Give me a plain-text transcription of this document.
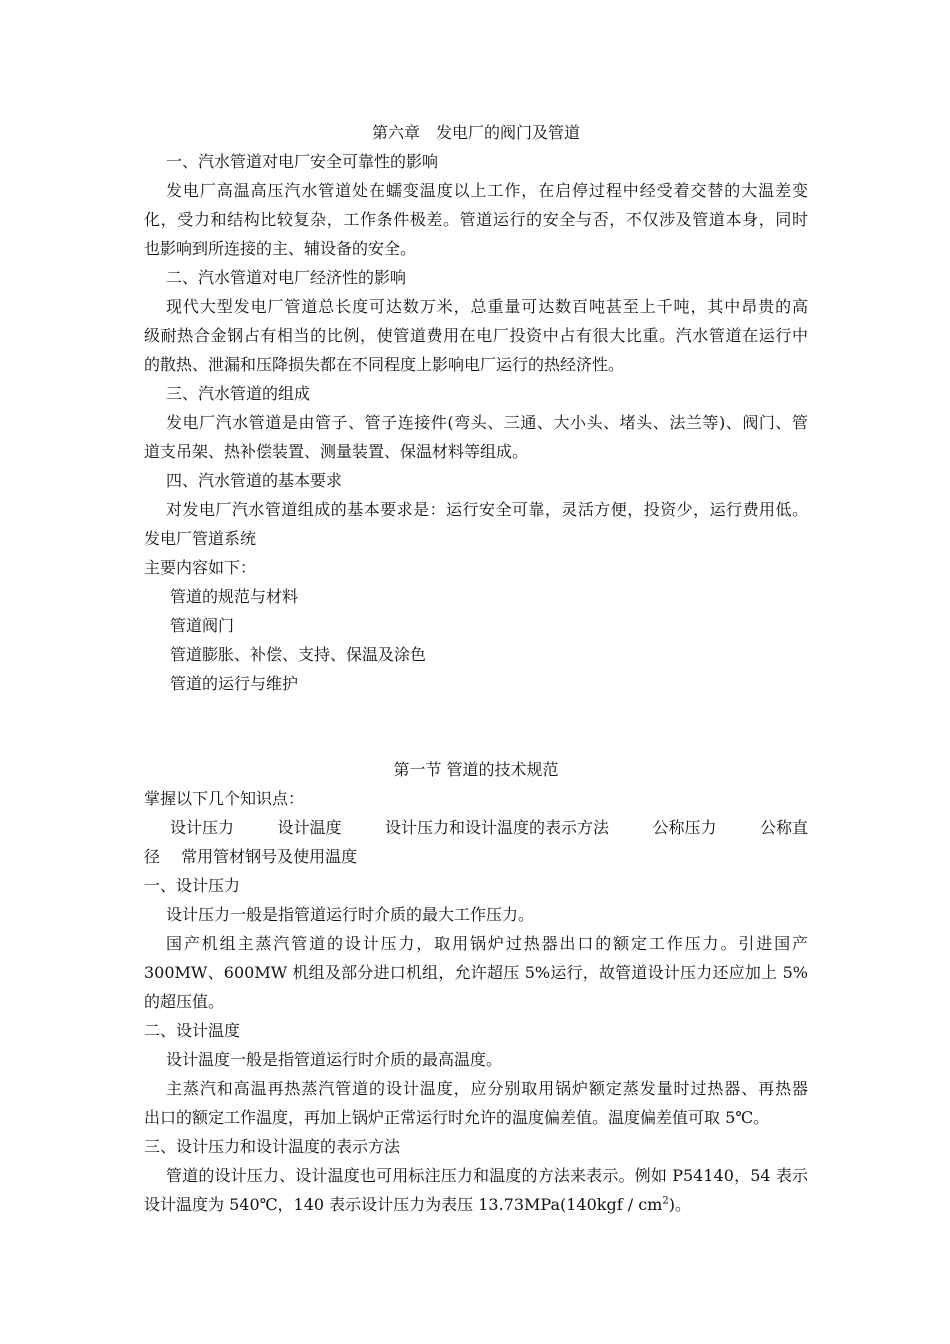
第六章　发电厂的阀门及管道
一、汽水管道对电厂安全可靠性的影响
发电厂高温高压汽水管道处在蠕变温度以上工作，在启停过程中经受着交替的大温差变
化，受力和结构比较复杂，工作条件极差。管道运行的安全与否，不仅涉及管道本身，同时
也影响到所连接的主、辅设备的安全。
二、汽水管道对电厂经济性的影响
现代大型发电厂管道总长度可达数万米，总重量可达数百吨甚至上千吨，其中昂贵的高
级耐热合金钢占有相当的比例，使管道费用在电厂投资中占有很大比重。汽水管道在运行中
的散热、泄漏和压降损失都在不同程度上影响电厂运行的热经济性。
三、汽水管道的组成
发电厂汽水管道是由管子、管子连接件(弯头、三通、大小头、堵头、法兰等)、阀门、管
道支吊架、热补偿装置、测量装置、保温材料等组成。
四、汽水管道的基本要求
对发电厂汽水管道组成的基本要求是：运行安全可靠，灵活方便，投资少，运行费用低。
发电厂管道系统
主要内容如下：
管道的规范与材料
管道阀门
管道膨胀、补偿、支持、保温及涂色
管道的运行与维护
第一节 管道的技术规范
掌握以下几个知识点：
设计压力	设计温度	设计压力和设计温度的表示方法	公称压力	公称直
径　 常用管材钢号及使用温度
一、设计压力
设计压力一般是指管道运行时介质的最大工作压力。
国产机组主蒸汽管道的设计压力，取用锅炉过热器出口的额定工作压力。引进国产
300MW、600MW 机组及部分进口机组，允许超压 5%运行，故管道设计压力还应加上 5%
的超压值。
二、设计温度
设计温度一般是指管道运行时介质的最高温度。
主蒸汽和高温再热蒸汽管道的设计温度，应分别取用锅炉额定蒸发量时过热器、再热器
出口的额定工作温度，再加上锅炉正常运行时允许的温度偏差值。温度偏差值可取 5℃。
三、设计压力和设计温度的表示方法
管道的设计压力、设计温度也可用标注压力和温度的方法来表示。例如 P54140，54 表示
设计温度为 540℃，140 表示设计压力为表压 $13.73MPa(140kgf / cm^2)$。
